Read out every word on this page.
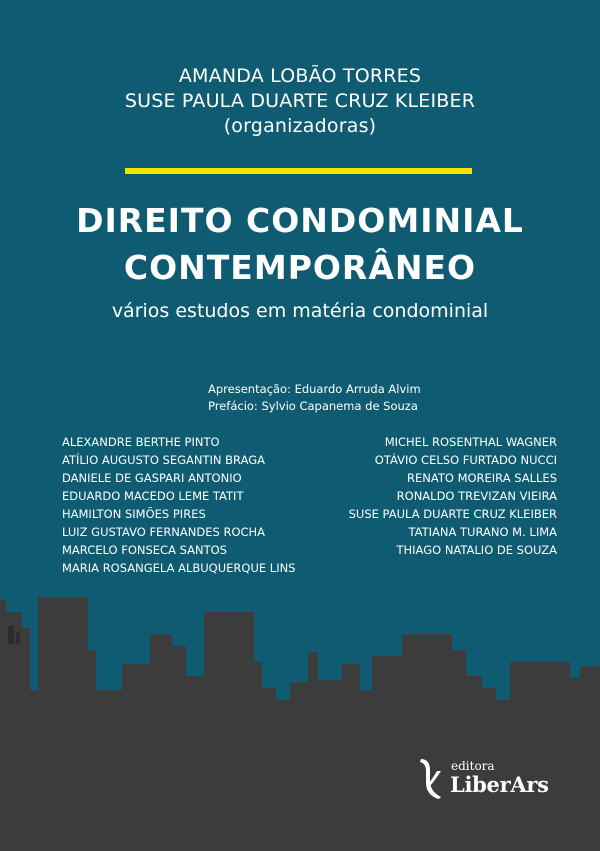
AMANDA LOBÃO TORRES
SUSE PAULA DUARTE CRUZ KLEIBER
(organizadoras)
DIREITO CONDOMINIAL
CONTEMPORÂNEO
vários estudos em matéria condominial
Apresentação: Eduardo Arruda Alvim
Prefácio: Sylvio Capanema de Souza
ALEXANDRE BERTHE PINTO
ATÍLIO AUGUSTO SEGANTIN BRAGA
DANIELE DE GASPARI ANTONIO
EDUARDO MACEDO LEME TATIT
HAMILTON SIMÕES PIRES
LUIZ GUSTAVO FERNANDES ROCHA
MARCELO FONSECA SANTOS
MARIA ROSANGELA ALBUQUERQUE LINS
MICHEL ROSENTHAL WAGNER
OTÁVIO CELSO FURTADO NUCCI
RENATO MOREIRA SALLES
RONALDO TREVIZAN VIEIRA
SUSE PAULA DUARTE CRUZ KLEIBER
TATIANA TURANO M. LIMA
THIAGO NATALIO DE SOUZA
editora
LiberArs
